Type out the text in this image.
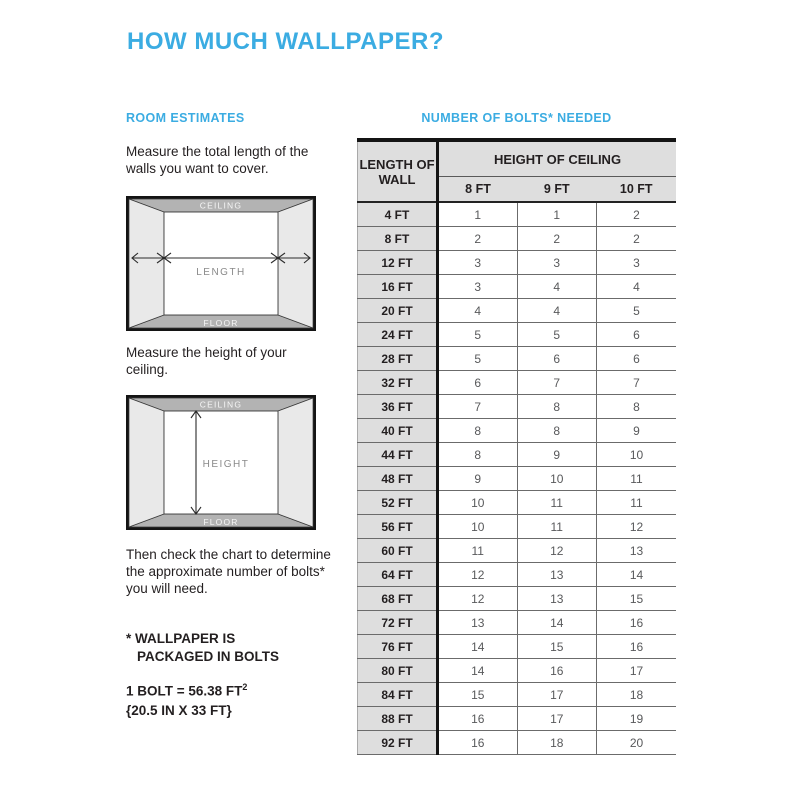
HOW MUCH WALLPAPER?
ROOM ESTIMATES
Measure the total length of the walls you want to cover.
CEILING
FLOOR
LENGTH
Measure the height of your ceiling.
CEILING
FLOOR
HEIGHT
Then check the chart to determine the approximate number of bolts* you will need.
* WALLPAPER IS
PACKAGED IN BOLTS
1 BOLT = 56.38 $FT^2$
{20.5 IN X 33 FT}
NUMBER OF BOLTS* NEEDED
LENGTH OF WALL	HEIGHT OF CEILING		
	8 FT	9 FT	10 FT
4 FT	1	1	2
8 FT	2	2	2
12 FT	3	3	3
16 FT	3	4	4
20 FT	4	4	5
24 FT	5	5	6
28 FT	5	6	6
32 FT	6	7	7
36 FT	7	8	8
40 FT	8	8	9
44 FT	8	9	10
48 FT	9	10	11
52 FT	10	11	11
56 FT	10	11	12
60 FT	11	12	13
64 FT	12	13	14
68 FT	12	13	15
72 FT	13	14	16
76 FT	14	15	16
80 FT	14	16	17
84 FT	15	17	18
88 FT	16	17	19
92 FT	16	18	20
